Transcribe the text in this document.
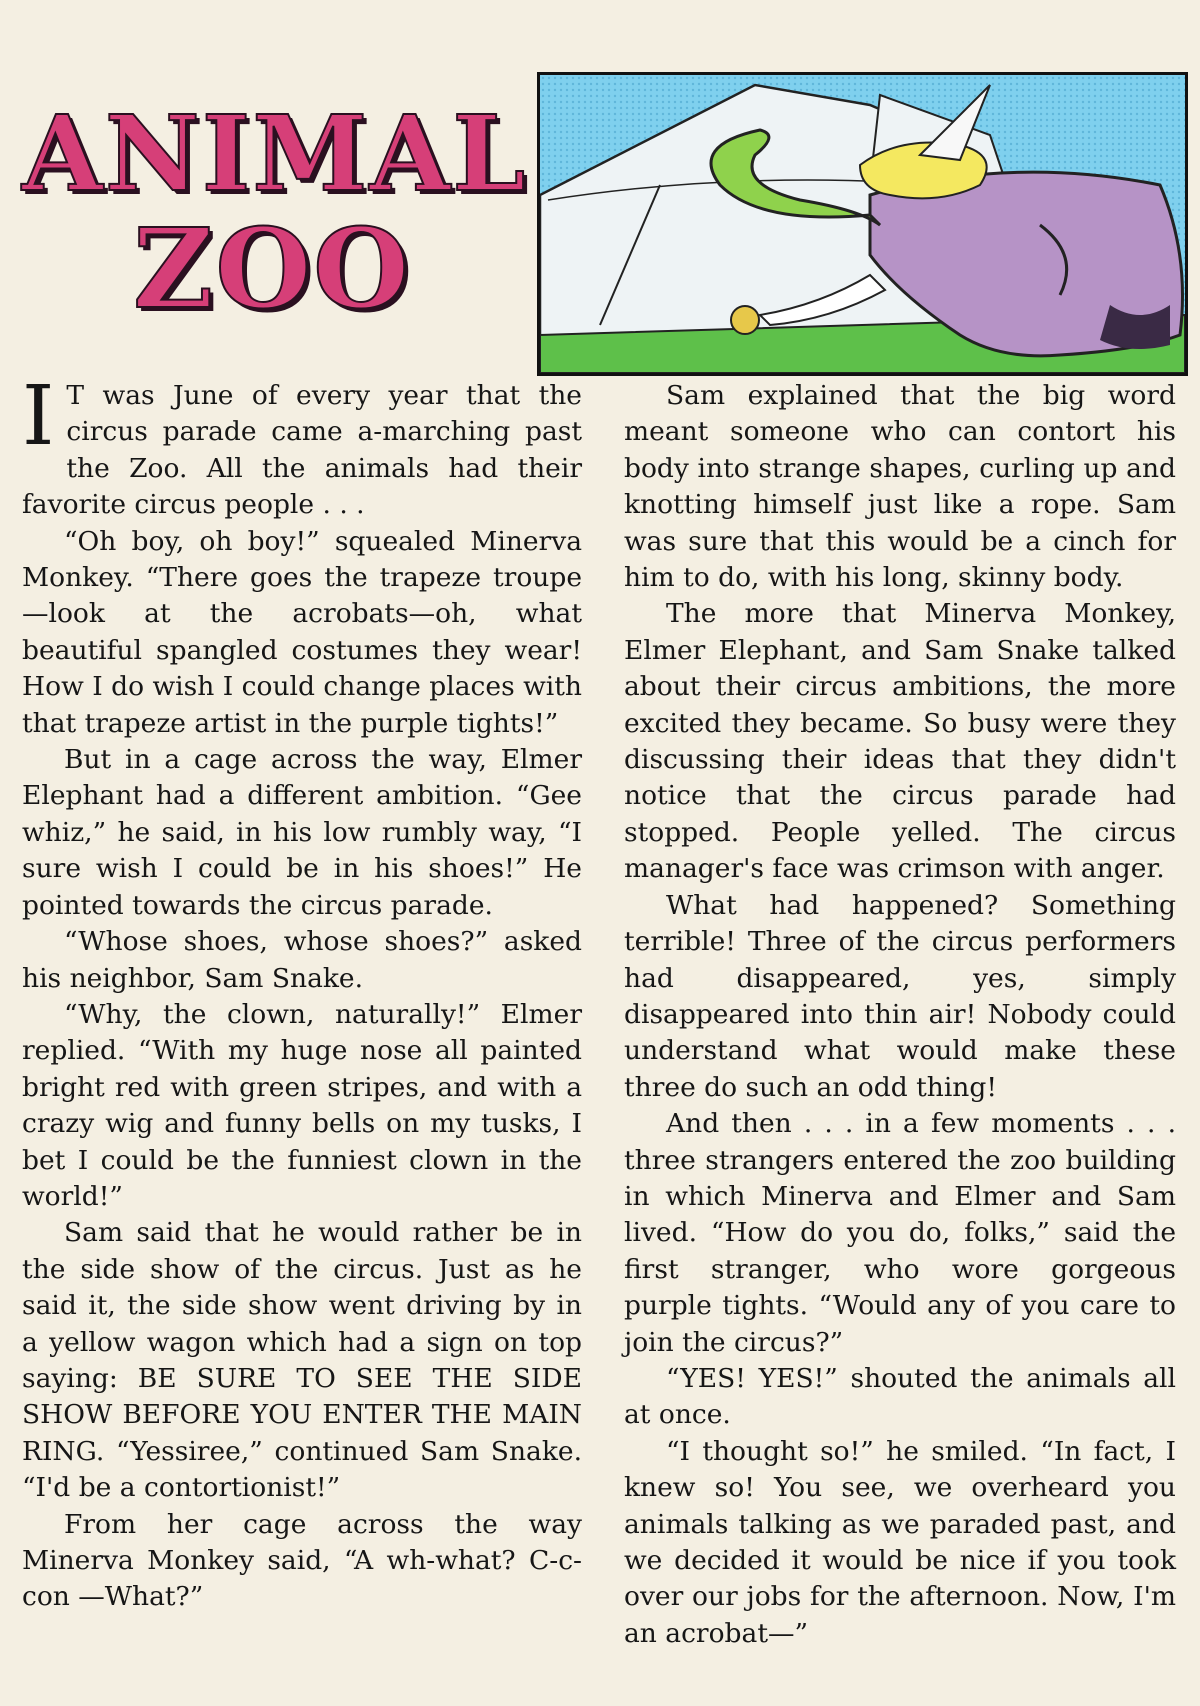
ANIMAL
ZOO

I T was June of every year that the circus parade came a-marching past the Zoo. All the animals had their favorite circus people . . .

“Oh boy, oh boy!” squealed Minerva Monkey. “There goes the trapeze troupe —look at the acrobats—oh, what beautiful spangled costumes they wear! How I do wish I could change places with that trapeze artist in the purple tights!”

But in a cage across the way, Elmer Elephant had a different ambition. “Gee whiz,” he said, in his low rumbly way, “I sure wish I could be in his shoes!” He pointed towards the circus parade.

“Whose shoes, whose shoes?” asked his neighbor, Sam Snake.

“Why, the clown, naturally!” Elmer replied. “With my huge nose all painted bright red with green stripes, and with a crazy wig and funny bells on my tusks, I bet I could be the funniest clown in the world!”

Sam said that he would rather be in the side show of the circus. Just as he said it, the side show went driving by in a yellow wagon which had a sign on top saying: BE SURE TO SEE THE SIDE SHOW BEFORE YOU ENTER THE MAIN RING. “Yessiree,” continued Sam Snake. “I'd be a contortionist!”

From her cage across the way Minerva Monkey said, “A wh-what? C-c-con —What?”

Sam explained that the big word meant someone who can contort his body into strange shapes, curling up and knotting himself just like a rope. Sam was sure that this would be a cinch for him to do, with his long, skinny body.

The more that Minerva Monkey, Elmer Elephant, and Sam Snake talked about their circus ambitions, the more excited they became. So busy were they discussing their ideas that they didn't notice that the circus parade had stopped. People yelled. The circus manager's face was crimson with anger.

What had happened? Something terrible! Three of the circus performers had disappeared, yes, simply disappeared into thin air! Nobody could understand what would make these three do such an odd thing!

And then . . . in a few moments . . . three strangers entered the zoo building in which Minerva and Elmer and Sam lived. “How do you do, folks,” said the first stranger, who wore gorgeous purple tights. “Would any of you care to join the circus?”

“YES! YES!” shouted the animals all at once.

“I thought so!” he smiled. “In fact, I knew so! You see, we overheard you animals talking as we paraded past, and we decided it would be nice if you took over our jobs for the afternoon. Now, I'm an acrobat—”
